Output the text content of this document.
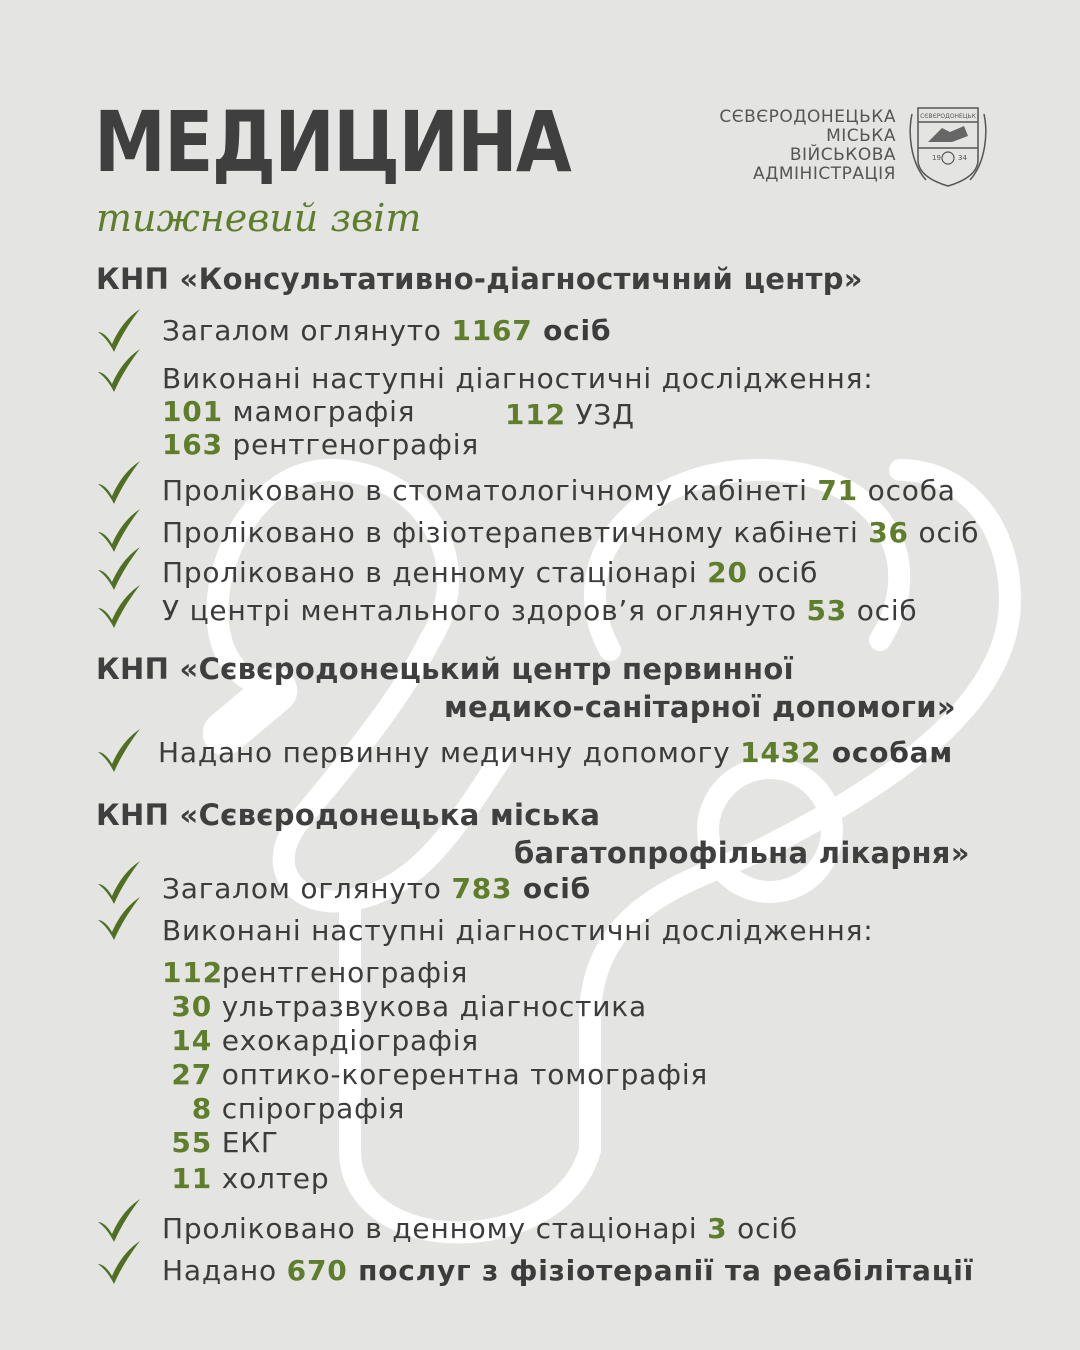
МЕДИЦИНА
тижневий звіт
СЄВЄРОДОНЕЦЬКА
МІСЬКА
ВІЙСЬКОВА
АДМІНІСТРАЦІЯ
СЄВЄРОДОНЕЦЬК
19 34
КНП «Консультативно-діагностичний центр»
Загалом оглянуто 1167 осіб
Виконані наступні діагностичні дослідження:
101 мамографія
163 рентгенографія
112 УЗД
Проліковано в стоматологічному кабінеті 71 особа
Проліковано в фізіотерапевтичному кабінеті 36 осіб
Проліковано в денному стаціонарі 20 осіб
У центрі ментального здоров’я оглянуто 53 осіб
КНП «Сєвєродонецький центр первинної
медико-санітарної допомоги»
Надано первинну медичну допомогу 1432 особам
КНП «Сєвєродонецька міська
багатопрофільна лікарня»
Загалом оглянуто 783 осіб
Виконані наступні діагностичні дослідження:
112 рентгенографія
30 ультразвукова діагностика
14 ехокардіографія
27 оптико-когерентна томографія
8 спірографія
55 ЕКГ
11 холтер
Проліковано в денному стаціонарі 3 осіб
Надано 670 послуг з фізіотерапії та реабілітації
